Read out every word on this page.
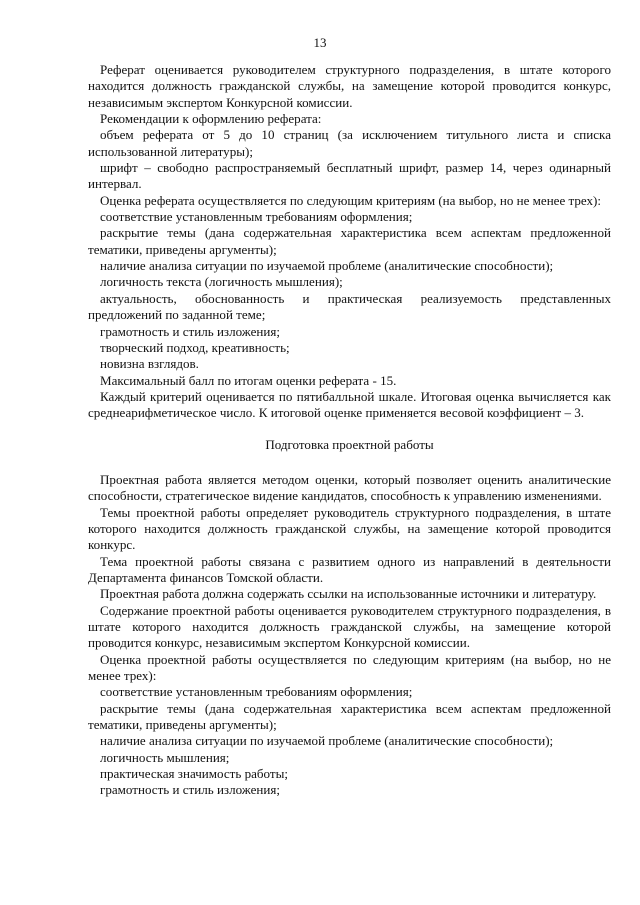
13

Реферат оценивается руководителем структурного подразделения, в штате которого находится должность гражданской службы, на замещение которой проводится конкурс, независимым экспертом Конкурсной комиссии.

Рекомендации к оформлению реферата:

объем реферата от 5 до 10 страниц (за исключением титульного листа и списка использованной литературы);

шрифт – свободно распространяемый бесплатный шрифт, размер 14, через одинарный интервал.

Оценка реферата осуществляется по следующим критериям (на выбор, но не менее трех):

соответствие установленным требованиям оформления;

раскрытие темы (дана содержательная характеристика всем аспектам предложенной тематики, приведены аргументы);

наличие анализа ситуации по изучаемой проблеме (аналитические способности);

логичность текста (логичность мышления);

актуальность, обоснованность и практическая реализуемость представленных предложений по заданной теме;

грамотность и стиль изложения;

творческий подход, креативность;

новизна взглядов.

Максимальный балл по итогам оценки реферата - 15.

Каждый критерий оценивается по пятибалльной шкале. Итоговая оценка вычисляется как среднеарифметическое число. К итоговой оценке применяется весовой коэффициент – 3.

Подготовка проектной работы

Проектная работа является методом оценки, который позволяет оценить аналитические способности, стратегическое видение кандидатов, способность к управлению изменениями.

Темы проектной работы определяет руководитель структурного подразделения, в штате которого находится должность гражданской службы, на замещение которой проводится конкурс.

Тема проектной работы связана с развитием одного из направлений в деятельности Департамента финансов Томской области.

Проектная работа должна содержать ссылки на использованные источники и литературу.

Содержание проектной работы оценивается руководителем структурного подразделения, в штате которого находится должность гражданской службы, на замещение которой проводится конкурс, независимым экспертом Конкурсной комиссии.

Оценка проектной работы осуществляется по следующим критериям (на выбор, но не менее трех):

соответствие установленным требованиям оформления;

раскрытие темы (дана содержательная характеристика всем аспектам предложенной тематики, приведены аргументы);

наличие анализа ситуации по изучаемой проблеме (аналитические способности);

логичность мышления;

практическая значимость работы;

грамотность и стиль изложения;
